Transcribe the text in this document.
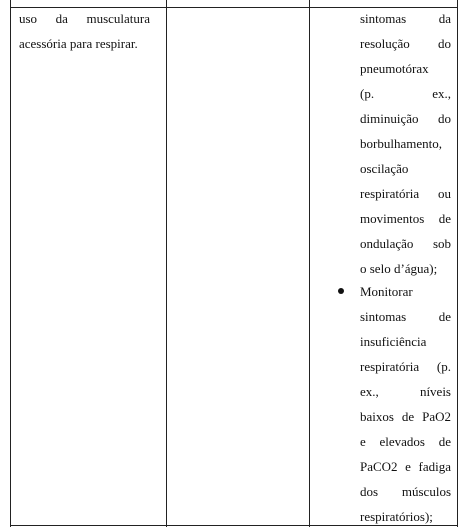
uso da musculatura
acessória para respirar.
sintomas da
resolução do
pneumotórax
(p. ex.,
diminuição do
borbulhamento,
oscilação
respiratória ou
movimentos de
ondulação sob
o selo d’água);
Monitorar
sintomas de
insuficiência
respiratória (p.
ex., níveis
baixos de PaO2
e elevados de
PaCO2 e fadiga
dos músculos
respiratórios);
